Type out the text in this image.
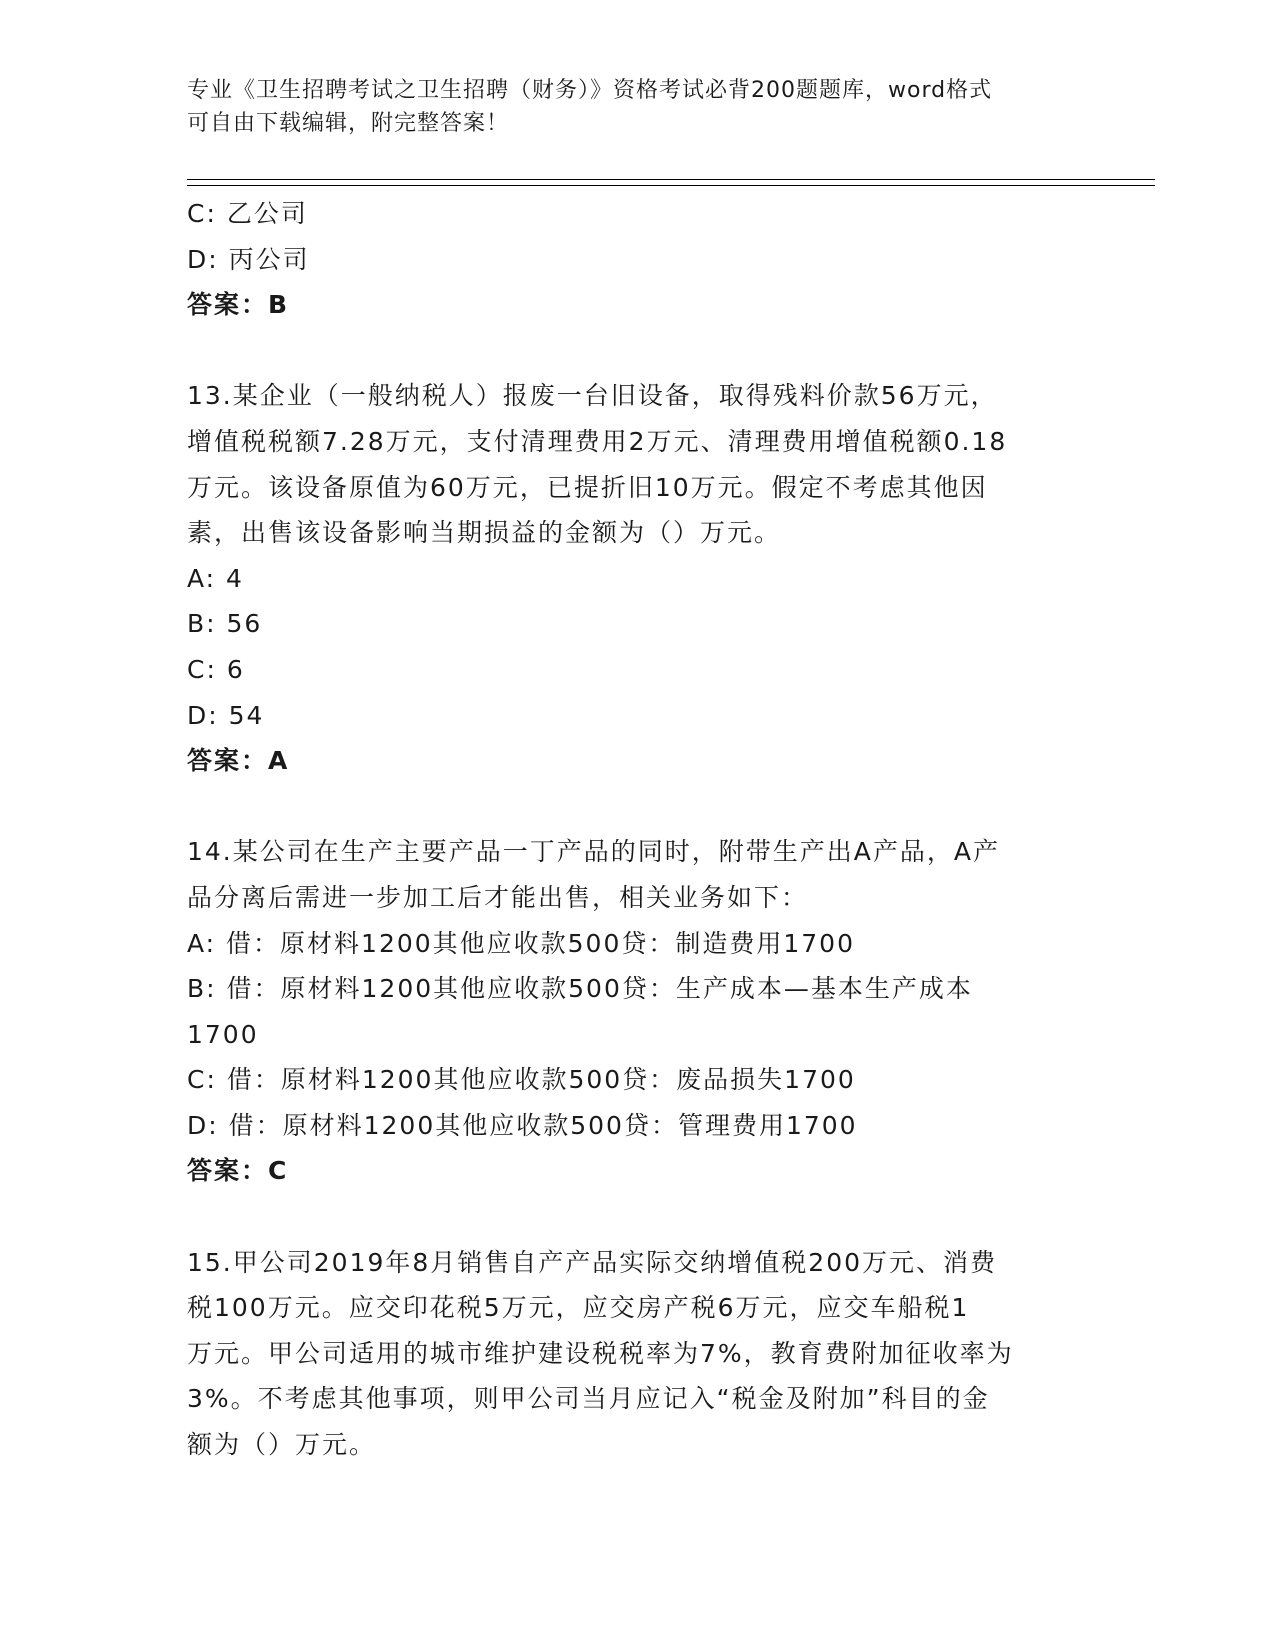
专业《卫生招聘考试之卫生招聘（财务）》资格考试必背200题题库，word格式
可自由下载编辑，附完整答案！
C: 乙公司
D: 丙公司
答案：B
13.某企业（一般纳税人）报废一台旧设备，取得残料价款56万元，
增值税税额7.28万元，支付清理费用2万元、清理费用增值税额0.18
万元。该设备原值为60万元，已提折旧10万元。假定不考虑其他因
素，出售该设备影响当期损益的金额为（）万元。
A: 4
B: 56
C: 6
D: 54
答案：A
14.某公司在生产主要产品一丁产品的同时，附带生产出A产品，A产
品分离后需进一步加工后才能出售，相关业务如下：
A: 借：原材料1200其他应收款500贷：制造费用1700
B: 借：原材料1200其他应收款500贷：生产成本—基本生产成本
1700
C: 借：原材料1200其他应收款500贷：废品损失1700
D: 借：原材料1200其他应收款500贷：管理费用1700
答案：C
15.甲公司2019年8月销售自产产品实际交纳增值税200万元、消费
税100万元。应交印花税5万元，应交房产税6万元，应交车船税1
万元。甲公司适用的城市维护建设税税率为7%，教育费附加征收率为
3%。不考虑其他事项，则甲公司当月应记入“税金及附加”科目的金
额为（）万元。
